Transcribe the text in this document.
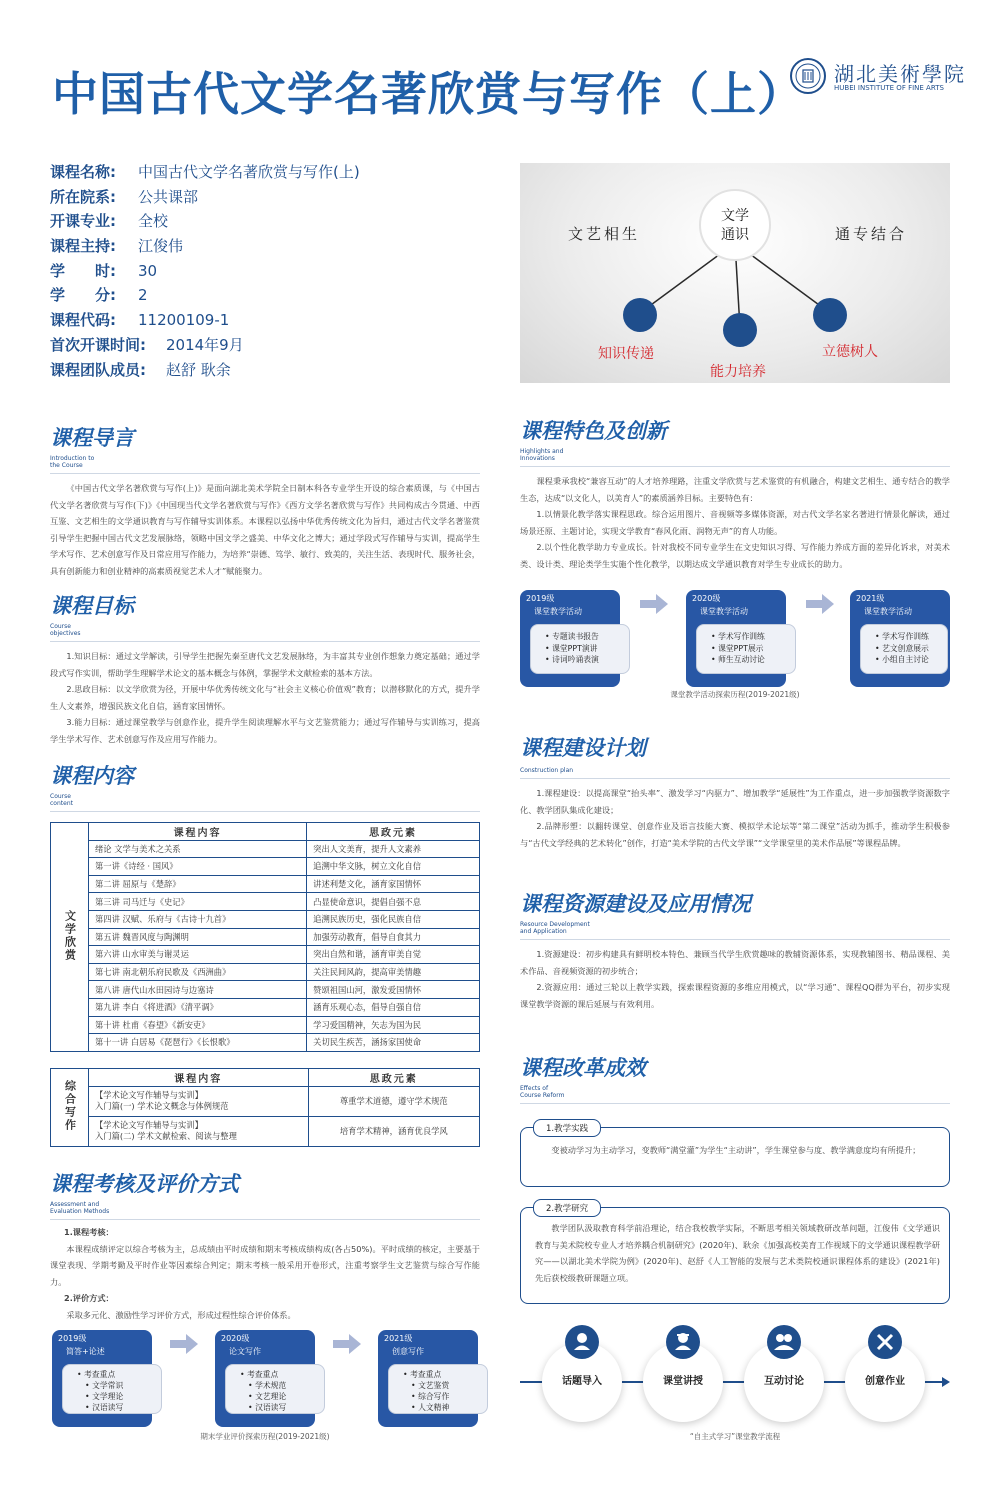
中国古代文学名著欣赏与写作（上） 湖北美術學院
HUBEI INSTITUTE OF FINE ARTS
课程名称:	中国古代文学名著欣赏与写作(上)
所在院系:	公共课部
开课专业:	全校
课程主持:	江俊伟
学　　时:	30
学　　分:	2
课程代码:	11200109-1
首次开课时间:	2014年9月
课程团队成员:	赵舒 耿余
文学
通识
文艺相生	通专结合
知识传递
能力培养
立德树人
课程导言
Introduction to
the Course
《中国古代文学名著欣赏与写作(上)》是面向湖北美术学院全日制本科各专业学生开设的综合素质课，与《中国古代文学名著欣赏与写作(下)》《中国现当代文学名著欣赏与写作》《西方文学名著欣赏与写作》共同构成古今贯通、中西互鉴、文艺相生的文学通识教育与写作辅导实训体系。本课程以弘扬中华优秀传统文化为旨归，通过古代文学名著鉴赏引导学生把握中国古代文艺发展脉络，领略中国文学之盛美、中华文化之博大；通过学段式写作辅导与实训，提高学生学术写作、艺术创意写作及日常应用写作能力，为培养“崇德、笃学、敏行、致美的，关注生活、表现时代、服务社会，具有创新能力和创业精神的高素质视觉艺术人才”赋能聚力。
课程目标
Course
objectives
1.知识目标：通过文学解读，引导学生把握先秦至唐代文艺发展脉络，为丰富其专业创作想象力奠定基础；通过学段式写作实训，帮助学生理解学术论文的基本概念与体例，掌握学术文献检索的基本方法。
2.思政目标：以文学欣赏为径，开展中华优秀传统文化与“社会主义核心价值观”教育；以潜移默化的方式，提升学生人文素养，增强民族文化自信，涵育家国情怀。
3.能力目标：通过课堂教学与创意作业，提升学生阅读理解水平与文艺鉴赏能力；通过写作辅导与实训练习，提高学生学术写作、艺术创意写作及应用写作能力。
课程内容
Course
content
文学欣赏	课程内容	思政元素
	绪论 文学与美术之关系	突出人文美育，提升人文素养
	第一讲《诗经 · 国风》	追溯中华文脉，树立文化自信
	第二讲 屈原与《楚辞》	讲述利楚文化，涵育家国情怀
	第三讲 司马迁与《史记》	凸显使命意识，提倡自强不息
	第四讲 汉赋、乐府与《古诗十九首》	追溯民族历史，强化民族自信
	第五讲 魏晋风度与陶渊明	加强劳动教育，倡导自食其力
	第六讲 山水审美与谢灵运	突出自然和谐，涵育审美自觉
	第七讲 南北朝乐府民歌及《西洲曲》	关注民间风韵，提高审美情趣
	第八讲 唐代山水田园诗与边塞诗	赞颂祖国山河，激发爱国情怀
	第九讲 李白《将进酒》《清平调》	涵育乐观心态，倡导自强自信
	第十讲 杜甫《春望》《新安吏》	学习爱国精神，矢志为国为民
	第十一讲 白居易《琵琶行》《长恨歌》	关切民生疾苦，涵扬家国使命
综合写作	课程内容	思政元素

	【学术论文写作辅导与实训】
入门篇(一) 学术论文概念与体例规范	尊重学术道德，遵守学术规范

	【学术论文写作辅导与实训】
入门篇(二) 学术文献检索、阅读与整理	培育学术精神，涵育优良学风
课程考核及评价方式
Assessment and
Evaluation Methods
1.课程考核：
本课程成绩评定以综合考核为主，总成绩由平时成绩和期末考核成绩构成(各占50%)。平时成绩的核定，主要基于课堂表现、学期考勤及平时作业等因素综合判定；期末考核一般采用开卷形式，注重考察学生文艺鉴赏与综合写作能力。
2.评价方式：
采取多元化、激励性学习评价方式，形成过程性综合评价体系。
2019级
简答+论述
• 考查重点
• 文学常识
• 文学理论
• 汉语读写
2020级
论文写作
• 考查重点
• 学术规范
• 文艺理论
• 汉语读写
2021级
创意写作
• 考查重点
• 文艺鉴赏
• 综合写作
• 人文精神
期末学业评价探索历程(2019-2021级)
课程特色及创新
Highlights and
Innovations
课程秉承我校“兼容互动”的人才培养理路，注重文学欣赏与艺术鉴赏的有机融合，构建文艺相生、通专结合的教学生态，达成“以文化人，以美育人”的素质涵养目标。主要特色有：
1.以情景化教学落实课程思政。综合运用图片、音视频等多媒体资源，对古代文学名家名著进行情景化解读，通过场景还原、主题讨论，实现文学教育“春风化雨、润物无声”的育人功能。
2.以个性化教学助力专业成长。针对我校不同专业学生在文史知识习得、写作能力养成方面的差异化诉求，对美术类、设计类、理论类学生实施个性化教学，以期达成文学通识教育对学生专业成长的助力。
2019级
课堂教学活动
• 专题读书报告
• 课堂PPT演讲
• 诗词吟诵表演
2020级
课堂教学活动
• 学术写作训练
• 课堂PPT展示
• 师生互动讨论
2021级
课堂教学活动
• 学术写作训练
• 艺文创意展示
• 小组自主讨论
课堂教学活动探索历程(2019-2021级)
课程建设计划
Construction plan
1.课程建设：以提高课堂“抬头率”、激发学习“内驱力”、增加教学“延展性”为工作重点，进一步加强教学资源数字化、教学团队集成化建设；
2.品牌形塑：以翻转课堂、创意作业及语言技能大赛、模拟学术论坛等“第二课堂”活动为抓手，推动学生积极参与“古代文学经典的艺术转化”创作，打造“美术学院的古代文学课”“文学课堂里的美术作品展”等课程品牌。
课程资源建设及应用情况
Resource Development
and Application
1.资源建设：初步构建具有鲜明校本特色、兼顾当代学生欣赏趣味的教辅资源体系，实现教辅图书、精品课程、美术作品、音视频资源的初步统合；
2.资源应用：通过三轮以上教学实践，探索课程资源的多维应用模式，以“学习通”、课程QQ群为平台，初步实现课堂教学资源的课后延展与有效利用。
课程改革成效
Effects of
Course Reform
1.教学实践
变被动学习为主动学习，变教师“满堂灌”为学生“主动讲”，学生课堂参与度、教学满意度均有所提升；
2.教学研究
教学团队汲取教育科学前沿理论，结合我校教学实际，不断思考相关领域教研改革问题，江俊伟《文学通识教育与美术院校专业人才培养耦合机制研究》(2020年)、耿余《加强高校美育工作视域下的文学通识课程教学研究——以湖北美术学院为例》(2020年)、赵舒《人工智能的发展与艺术类院校通识课程体系的建设》(2021年)先后获校级教研课题立项。
话题导入	课堂讲授	互动讨论	创意作业
“自主式学习”课堂教学流程
